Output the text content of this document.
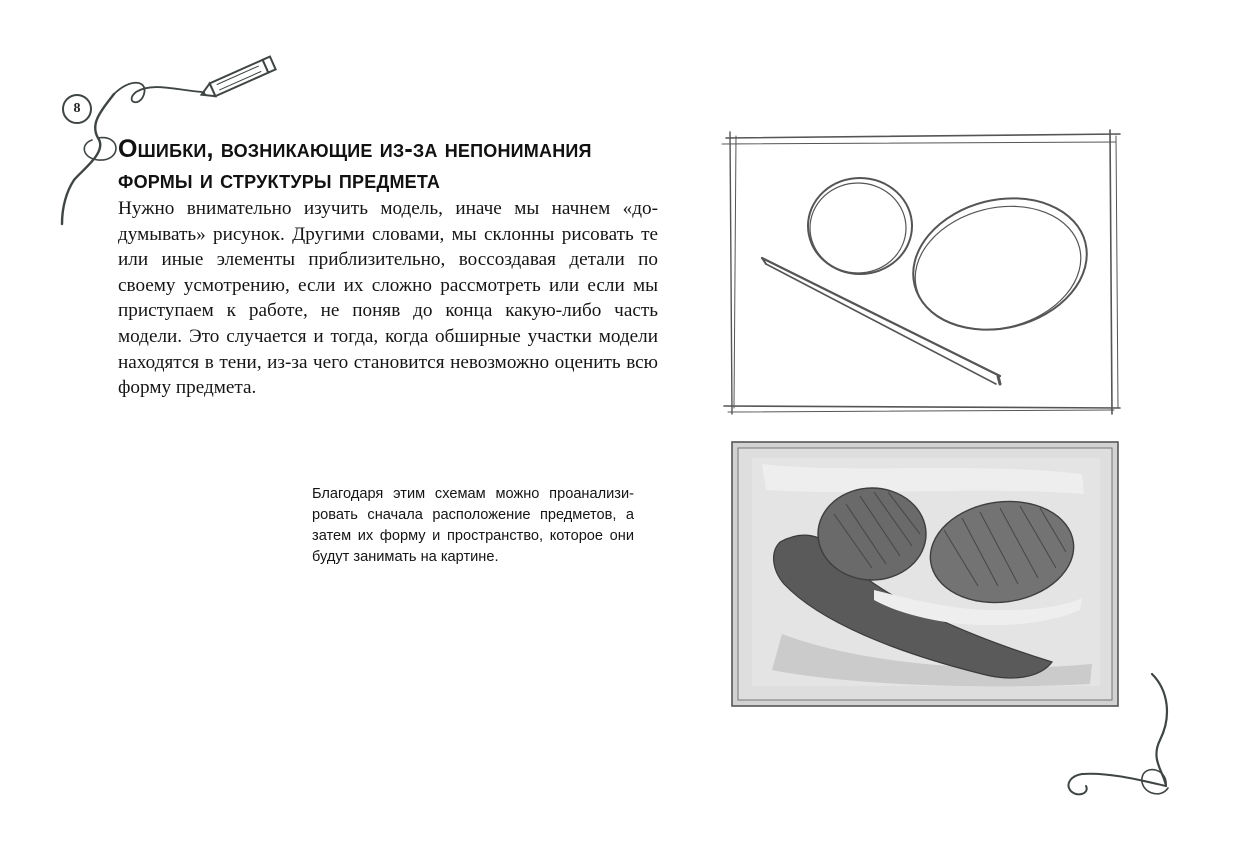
8
Ошибки, возникающие из-за непонимания
формы и структуры предмета

Нужно внимательно изучить модель, иначе мы начнем «додумывать» рисунок. Другими словами, мы склонны рисовать те или иные элементы приблизительно, воссоздавая детали по своему усмотрению, если их сложно рассмотреть или если мы приступаем к работе, не поняв до конца какую-либо часть модели. Это случается и тогда, когда обширные участки модели находятся в тени, из-за чего становится невозможно оценить всю форму предмета.

Благодаря этим схемам можно проанализировать сначала расположение предметов, а затем их форму и пространство, которое они будут занимать на картине.
